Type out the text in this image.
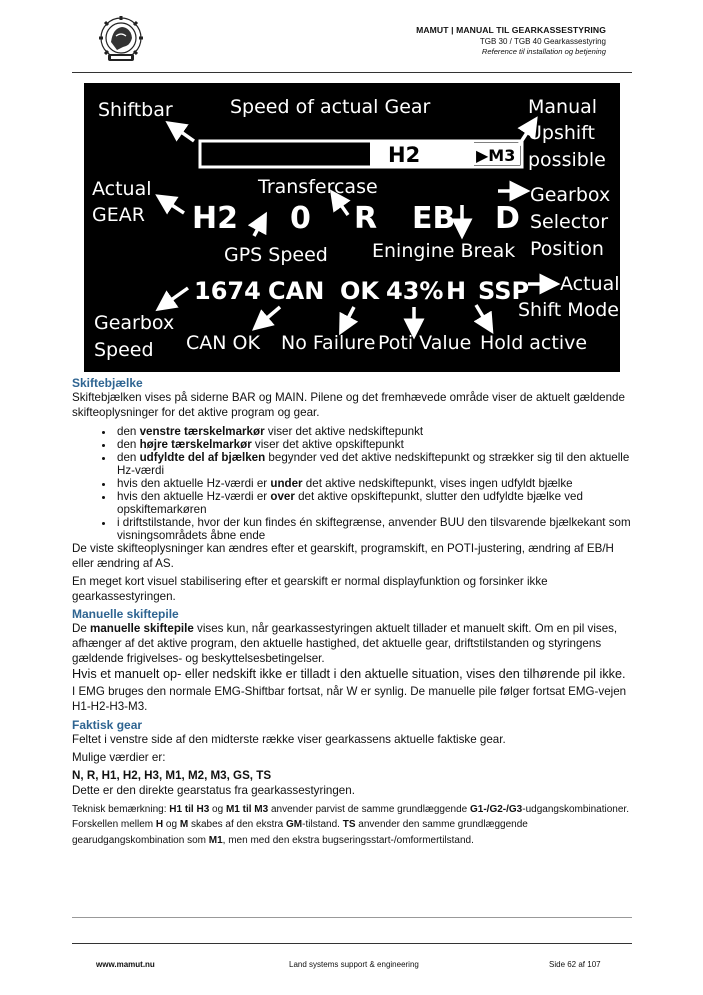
MAMUT | MANUAL TIL GEARKASSESTYRING
TGB 30 / TGB 40 Gearkassestyring
Reference til installation og betjening
Shiftbar	Speed of actual Gear	Manual
Upshift
possible
Actual
GEAR
Transfercase	Gearbox
Selector
Position
GPS Speed Eningine Break
Actual
Shift Mode
Gearbox
Speed CAN OK No Failure Poti Value Hold active
H2	▶M3
H2 0 R EB D
1674 CAN OK 43% H SSP
Skiftebjælke

Skiftebjælken vises på siderne BAR og MAIN. Pilene og det fremhævede område viser de aktuelt gældende skifteoplysninger for det aktive program og gear.

• den venstre tærskelmarkør viser det aktive nedskiftepunkt
• den højre tærskelmarkør viser det aktive opskiftepunkt
• den udfyldte del af bjælken begynder ved det aktive nedskiftepunkt og strækker sig til den aktuelle Hz-værdi
• hvis den aktuelle Hz-værdi er under det aktive nedskiftepunkt, vises ingen udfyldt bjælke
• hvis den aktuelle Hz-værdi er over det aktive opskiftepunkt, slutter den udfyldte bjælke ved opskiftemarkøren
• i driftstilstande, hvor der kun findes én skiftegrænse, anvender BUU den tilsvarende bjælkekant som visningsområdets åbne ende

De viste skifteoplysninger kan ændres efter et gearskift, programskift, en POTI-justering, ændring af EB/H eller ændring af AS.

En meget kort visuel stabilisering efter et gearskift er normal displayfunktion og forsinker ikke gearkassestyringen.

Manuelle skiftepile

De manuelle skiftepile vises kun, når gearkassestyringen aktuelt tillader et manuelt skift. Om en pil vises, afhænger af det aktive program, den aktuelle hastighed, det aktuelle gear, driftstilstanden og styringens gældende frigivelses- og beskyttelsesbetingelser.

Hvis et manuelt op- eller nedskift ikke er tilladt i den aktuelle situation, vises den tilhørende pil ikke.

I EMG bruges den normale EMG-Shiftbar fortsat, når W er synlig. De manuelle pile følger fortsat EMG-vejen H1-H2-H3-M3.

Faktisk gear

Feltet i venstre side af den midterste række viser gearkassens aktuelle faktiske gear.

Mulige værdier er:

N, R, H1, H2, H3, M1, M2, M3, GS, TS

Dette er den direkte gearstatus fra gearkassestyringen.

Teknisk bemærkning: H1 til H3 og M1 til M3 anvender parvist de samme grundlæggende G1-/G2-/G3-udgangskombinationer. Forskellen mellem H og M skabes af den ekstra GM-tilstand. TS anvender den samme grundlæggende gearudgangskombination som M1, men med den ekstra bugseringsstart-/omformertilstand.

www.mamut.nu	Land systems support & engineering	Side 62 af 107
